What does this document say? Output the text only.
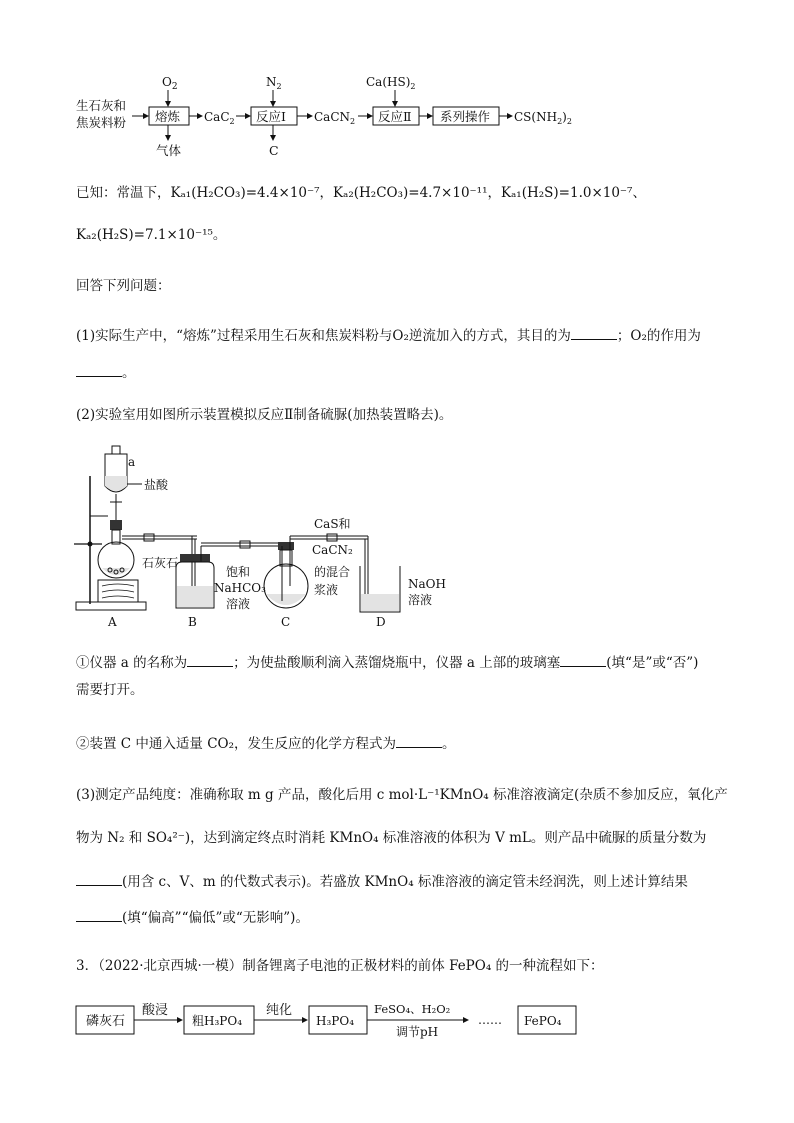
生石灰和
焦炭料粉
$O_2$
熔炼
气体
CaC$_2$
$N_2$
反应Ⅰ
C
CaCN$_2$
$Ca(HS)_2$
反应Ⅱ 系列操作 $CS(NH_2)_2$
已知：常温下，Kₐ₁(H₂CO₃)=4.4×10⁻⁷，Kₐ₂(H₂CO₃)=4.7×10⁻¹¹，Kₐ₁(H₂S)=1.0×10⁻⁷、
Kₐ₂(H₂S)=7.1×10⁻¹⁵。
回答下列问题：
(1)实际生产中，“熔炼”过程采用生石灰和焦炭料粉与O₂逆流加入的方式，其目的为	；O₂的作用为
。
(2)实验室用如图所示装置模拟反应Ⅱ制备硫脲(加热装置略去)。
a
盐酸
石灰石
饱和
NaHCO₃
溶液
CaS和
CaCN₂
的混合
浆液	NaOH
溶液
A	B	C	D
①仪器 a 的名称为	；为使盐酸顺利滴入蒸馏烧瓶中，仪器 a 上部的玻璃塞	(填“是”或“否”)
需要打开。
②装置 C 中通入适量 CO₂，发生反应的化学方程式为	。
(3)测定产品纯度：准确称取 m g 产品，酸化后用 c mol·L⁻¹KMnO₄ 标准溶液滴定(杂质不参加反应，氧化产
物为 N₂ 和 SO₄²⁻)，达到滴定终点时消耗 KMnO₄ 标准溶液的体积为 V mL。则产品中硫脲的质量分数为
(用含 c、V、m 的代数式表示)。若盛放 KMnO₄ 标准溶液的滴定管未经润洗，则上述计算结果
(填“偏高”“偏低”或“无影响”)。
3．（2022·北京西城·一模）制备锂离子电池的正极材料的前体 FePO₄ 的一种流程如下：
磷灰石
酸浸
粗H₃PO₄
纯化
H₃PO₄
FeSO₄、H₂O₂
调节pH
…… FePO₄
